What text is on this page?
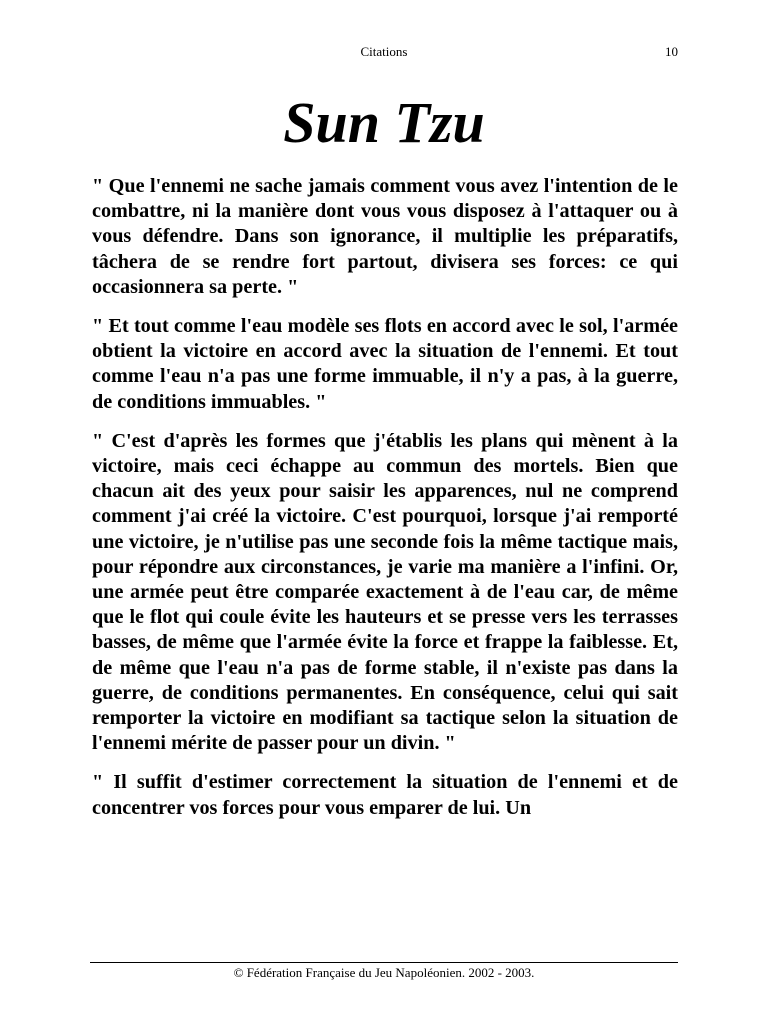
Citations	10
Sun Tzu

" Que l'ennemi ne sache jamais comment vous avez l'intention de le combattre, ni la manière dont vous vous disposez à l'attaquer ou à vous défendre. Dans son ignorance, il multiplie les préparatifs, tâchera de se rendre fort partout, divisera ses forces: ce qui occasionnera sa perte. "

" Et tout comme l'eau modèle ses flots en accord avec le sol, l'armée obtient la victoire en accord avec la situation de l'ennemi. Et tout comme l'eau n'a pas une forme immuable, il n'y a pas, à la guerre, de conditions immuables. "

" C'est d'après les formes que j'établis les plans qui mènent à la victoire, mais ceci échappe au commun des mortels. Bien que chacun ait des yeux pour saisir les apparences, nul ne comprend comment j'ai créé la victoire. C'est pourquoi, lorsque j'ai remporté une victoire, je n'utilise pas une seconde fois la même tactique mais, pour répondre aux circonstances, je varie ma manière a l'infini. Or, une armée peut être comparée exactement à de l'eau car, de même que le flot qui coule évite les hauteurs et se presse vers les terrasses basses, de même que l'armée évite la force et frappe la faiblesse. Et, de même que l'eau n'a pas de forme stable, il n'existe pas dans la guerre, de conditions permanentes. En conséquence, celui qui sait remporter la victoire en modifiant sa tactique selon la situation de l'ennemi mérite de passer pour un divin. "

" Il suffit d'estimer correctement la situation de l'ennemi et de concentrer vos forces pour vous emparer de lui. Un

© Fédération Française du Jeu Napoléonien. 2002 - 2003.
